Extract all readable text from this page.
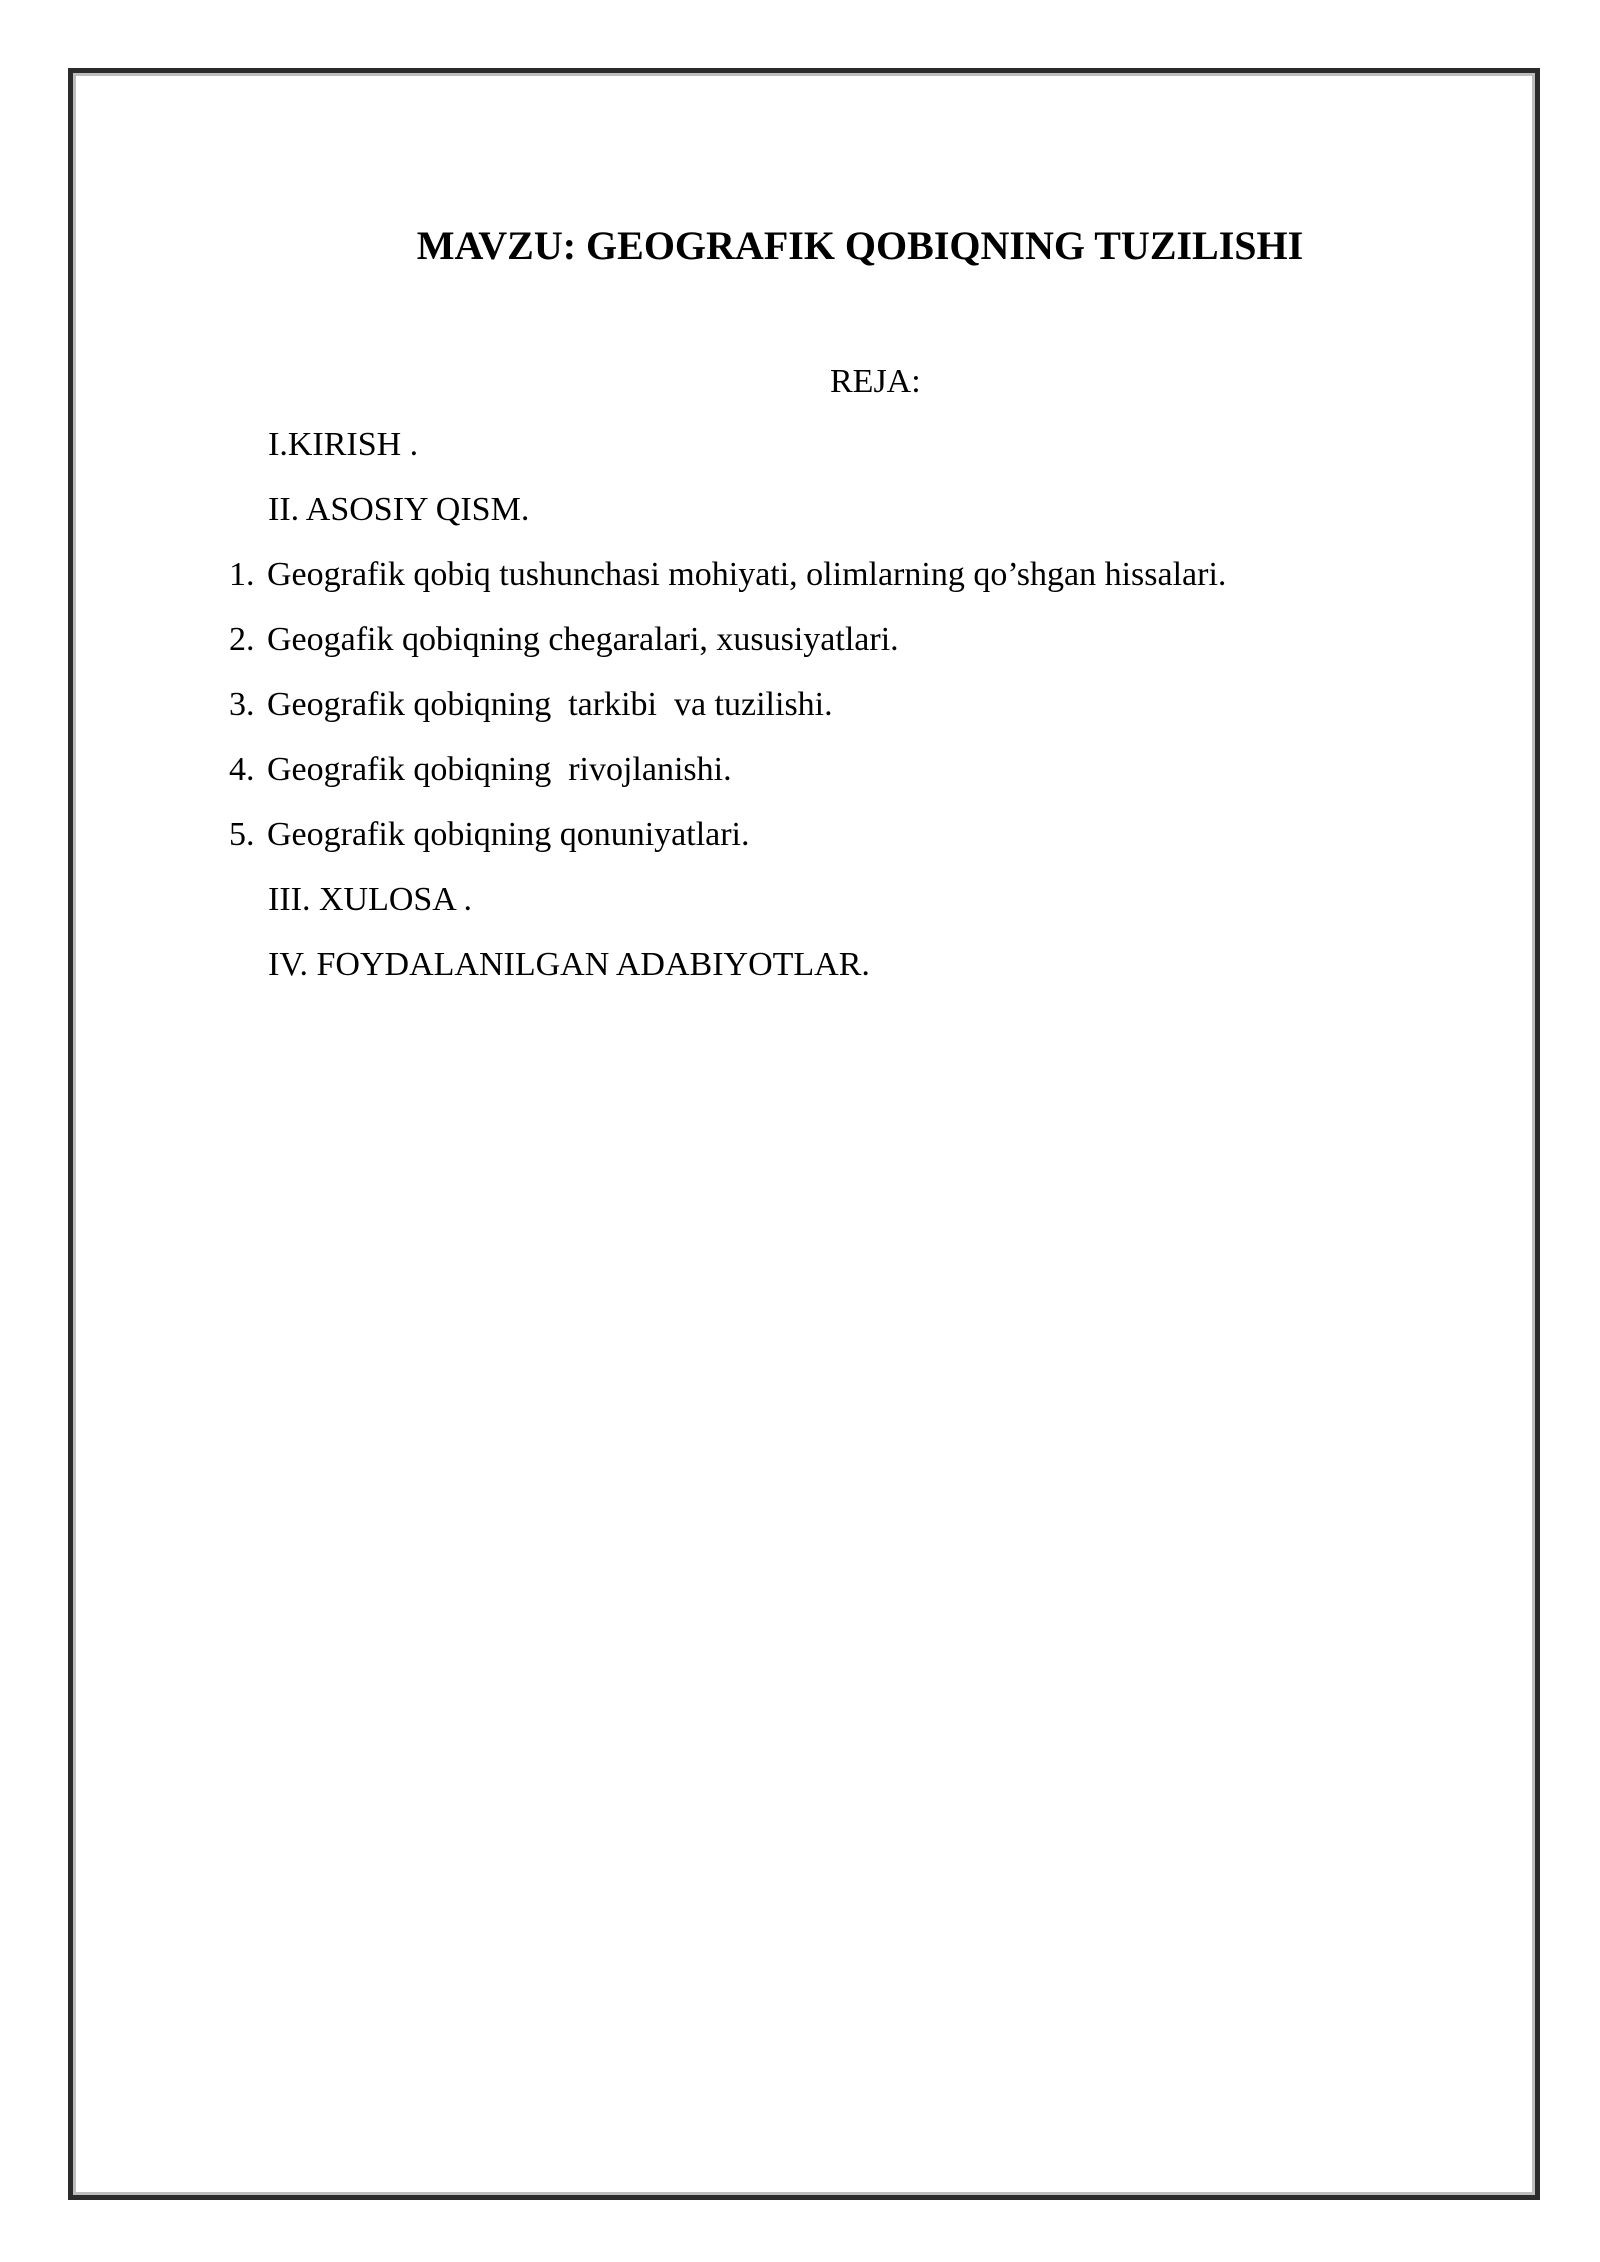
MAVZU: GEOGRAFIK QOBIQNING TUZILISHI
REJA:
I.KIRISH .
II. ASOSIY QISM.
1. Geografik qobiq tushunchasi mohiyati, olimlarning qo’shgan hissalari.
2. Geogafik qobiqning chegaralari, xususiyatlari.
3. Geografik qobiqning  tarkibi  va tuzilishi.
4. Geografik qobiqning  rivojlanishi.
5. Geografik qobiqning qonuniyatlari.
III. XULOSA .
IV. FOYDALANILGAN ADABIYOTLAR.
